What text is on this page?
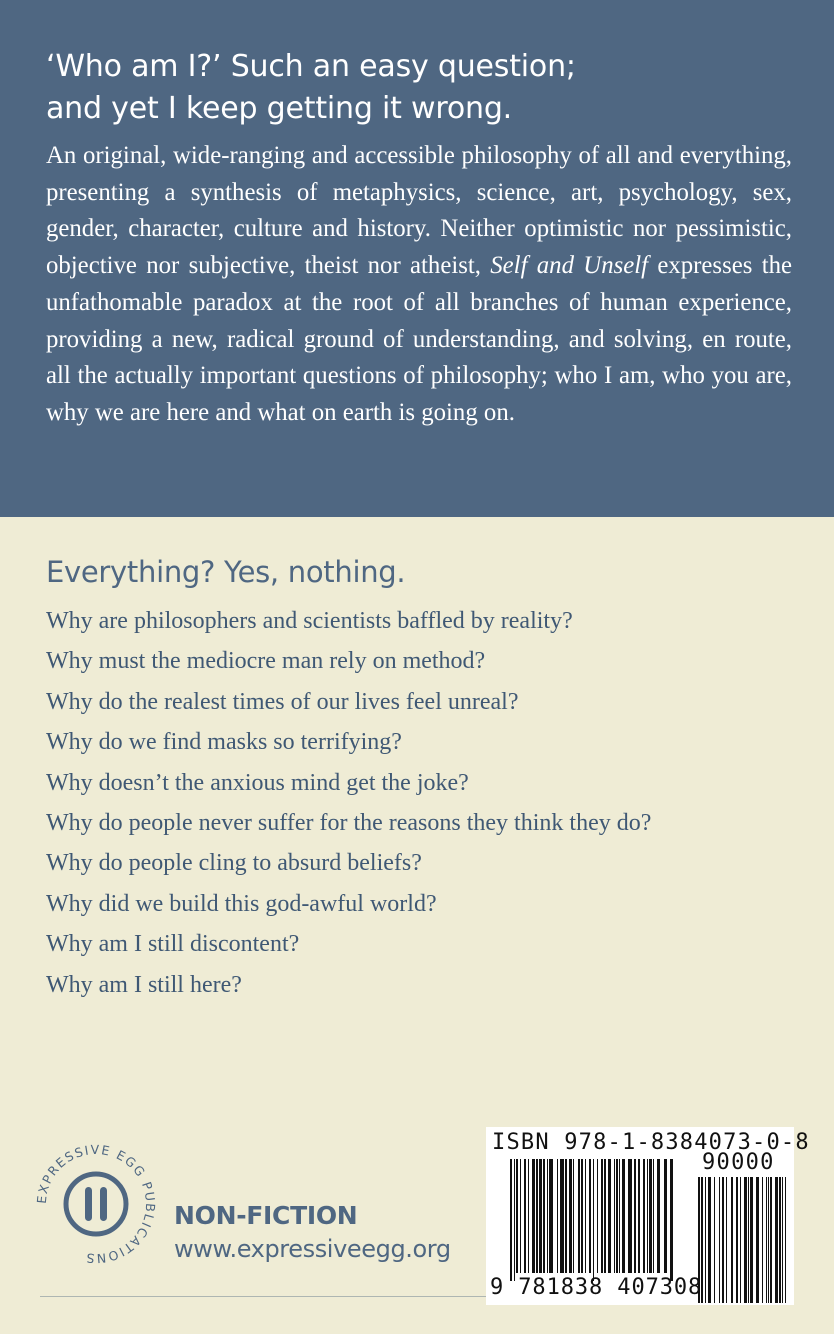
‘Who am I?’ Such an easy question;
and yet I keep getting it wrong.
An original, wide-ranging and accessible philosophy of all and everything, presenting a synthesis of metaphysics, science, art, psychology, sex, gender, character, culture and history. Neither optimistic nor pessimistic, objective nor subjective, theist nor atheist, Self and Unself expresses the unfathomable paradox at the root of all branches of human experience, providing a new, radical ground of understanding, and solving, en route, all the actually important questions of philosophy; who I am, who you are, why we are here and what on earth is going on.
Everything? Yes, nothing.
Why are philosophers and scientists baffled by reality?
Why must the mediocre man rely on method?
Why do the realest times of our lives feel unreal?
Why do we find masks so terrifying?
Why doesn’t the anxious mind get the joke?
Why do people never suffer for the reasons they think they do?
Why do people cling to absurd beliefs?
Why did we build this god-awful world?
Why am I still discontent?
Why am I still here?
EXPRESSIVE EGG PUBLICATIONS
NON-FICTION
www.expressiveegg.org
ISBN 978-1-8384073-0-8
90000
9 781838 407308
